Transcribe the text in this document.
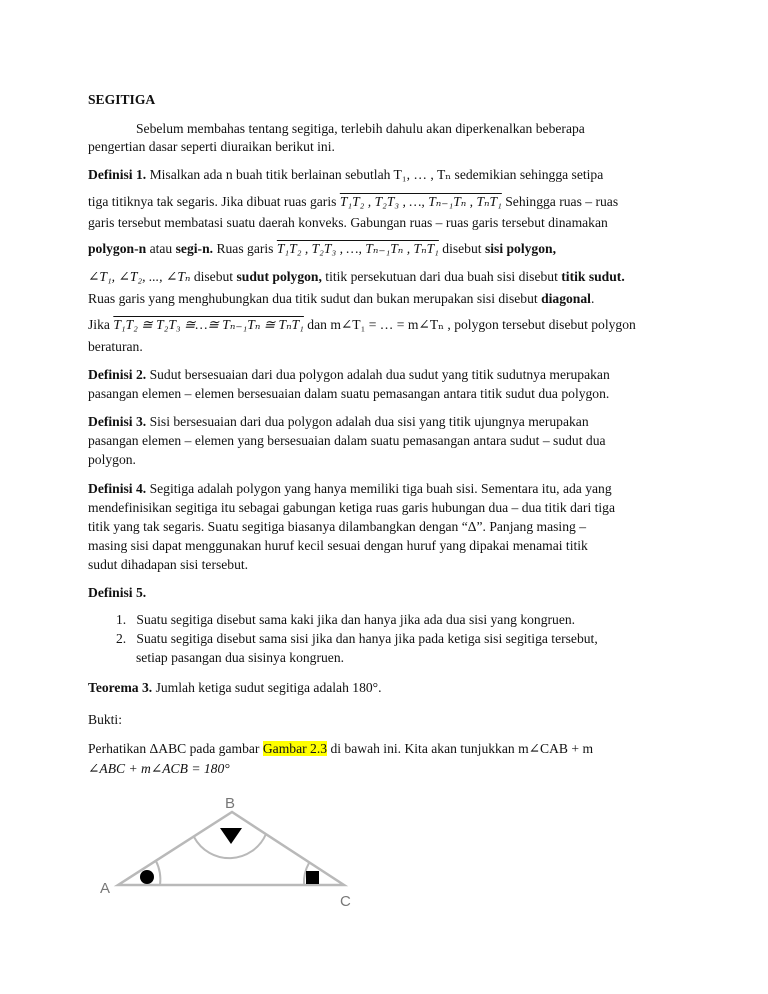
SEGITIGA
Sebelum membahas tentang segitiga, terlebih dahulu akan diperkenalkan beberapa
pengertian dasar seperti diuraikan berikut ini.
Definisi 1. Misalkan ada n buah titik berlainan sebutlah T₁, … , Tₙ sedemikian sehingga setipa
tiga titiknya tak segaris. Jika dibuat ruas garis T₁T₂ , T₂T₃ , …, Tₙ₋₁Tₙ , TₙT₁ Sehingga ruas – ruas
garis tersebut membatasi suatu daerah konveks. Gabungan ruas – ruas garis tersebut dinamakan
polygon-n atau segi-n. Ruas garis T₁T₂ , T₂T₃ , …, Tₙ₋₁Tₙ , TₙT₁ disebut sisi polygon,
∠T₁, ∠T₂, ..., ∠Tₙ disebut sudut polygon, titik persekutuan dari dua buah sisi disebut titik sudut.
Ruas garis yang menghubungkan dua titik sudut dan bukan merupakan sisi disebut diagonal.
Jika T₁T₂ ≅ T₂T₃ ≅…≅ Tₙ₋₁Tₙ ≅ TₙT₁ dan m∠T₁ = … = m∠Tₙ , polygon tersebut disebut polygon
beraturan.
Definisi 2. Sudut bersesuaian dari dua polygon adalah dua sudut yang titik sudutnya merupakan
pasangan elemen – elemen bersesuaian dalam suatu pemasangan antara titik sudut dua polygon.
Definisi 3. Sisi bersesuaian dari dua polygon adalah dua sisi yang titik ujungnya merupakan
pasangan elemen – elemen yang bersesuaian dalam suatu pemasangan antara sudut – sudut dua
polygon.
Definisi 4. Segitiga adalah polygon yang hanya memiliki tiga buah sisi. Sementara itu, ada yang
mendefinisikan segitiga itu sebagai gabungan ketiga ruas garis hubungan dua – dua titik dari tiga
titik yang tak segaris. Suatu segitiga biasanya dilambangkan dengan “Δ”. Panjang masing –
masing sisi dapat menggunakan huruf kecil sesuai dengan huruf yang dipakai menamai titik
sudut dihadapan sisi tersebut.
Definisi 5.
1. Suatu segitiga disebut sama kaki jika dan hanya jika ada dua sisi yang kongruen.
2. Suatu segitiga disebut sama sisi jika dan hanya jika pada ketiga sisi segitiga tersebut,
setiap pasangan dua sisinya kongruen.
Teorema 3. Jumlah ketiga sudut segitiga adalah 180°.
Bukti:
Perhatikan ΔABC pada gambar Gambar 2.3 di bawah ini. Kita akan tunjukkan m∠CAB + m
∠ABC + m∠ACB = 180°
B
A
C
